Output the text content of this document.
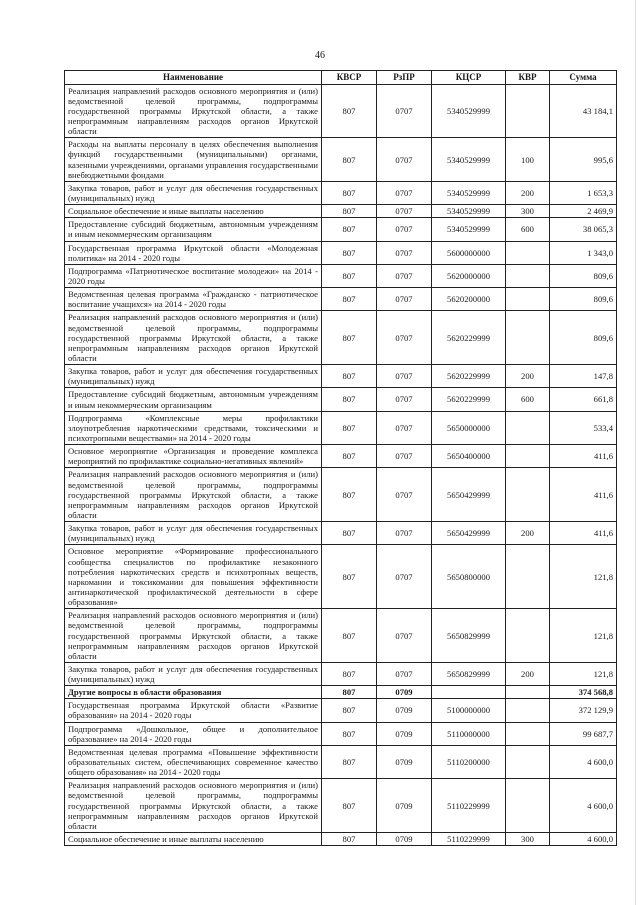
46
Наименование	КВСР	РзПР	КЦСР	КВР	Сумма
Реализация направлений расходов основного мероприятия и (или) ведомственной целевой программы, подпрограммы государственной программы Иркутской области, а также непрограммным направлениям расходов органов Иркутской области	807	0707	5340529999		43 184,1
Расходы на выплаты персоналу в целях обеспечения выполнения функций государственными (муниципальными) органами, казенными учреждениями, органами управления государственными внебюджетными фондами	807	0707	5340529999	100	995,6
Закупка товаров, работ и услуг для обеспечения государственных (муниципальных) нужд	807	0707	5340529999	200	1 653,3
Социальное обеспечение и иные выплаты населению	807	0707	5340529999	300	2 469,9
Предоставление субсидий бюджетным, автономным учреждениям и иным некоммерческим организациям	807	0707	5340529999	600	38 065,3
Государственная программа Иркутской области «Молодежная политика» на 2014 - 2020 годы	807	0707	5600000000		1 343,0
Подпрограмма «Патриотическое воспитание молодежи» на 2014 - 2020 годы	807	0707	5620000000		809,6
Ведомственная целевая программа «Гражданско - патриотическое воспитание учащихся» на 2014 - 2020 годы	807	0707	5620200000		809,6
Реализация направлений расходов основного мероприятия и (или) ведомственной целевой программы, подпрограммы государственной программы Иркутской области, а также непрограммным направлениям расходов органов Иркутской области	807	0707	5620229999		809,6
Закупка товаров, работ и услуг для обеспечения государственных (муниципальных) нужд	807	0707	5620229999	200	147,8
Предоставление субсидий бюджетным, автономным учреждениям и иным некоммерческим организациям	807	0707	5620229999	600	661,8
Подпрограмма «Комплексные меры профилактики злоупотребления наркотическими средствами, токсическими и психотропными веществами» на 2014 - 2020 годы	807	0707	5650000000		533,4
Основное мероприятие «Организация и проведение комплекса мероприятий по профилактике социально-негативных явлений»	807	0707	5650400000		411,6
Реализация направлений расходов основного мероприятия и (или) ведомственной целевой программы, подпрограммы государственной программы Иркутской области, а также непрограммным направлениям расходов органов Иркутской области	807	0707	5650429999		411,6
Закупка товаров, работ и услуг для обеспечения государственных (муниципальных) нужд	807	0707	5650429999	200	411,6
Основное мероприятие «Формирование профессионального сообщества специалистов по профилактике незаконного потребления наркотических средств и психотропных веществ, наркомании и токсикомании для повышения эффективности антинаркотической профилактической деятельности в сфере образования»	807	0707	5650800000		121,8
Реализация направлений расходов основного мероприятия и (или) ведомственной целевой программы, подпрограммы государственной программы Иркутской области, а также непрограммным направлениям расходов органов Иркутской области	807	0707	5650829999		121,8
Закупка товаров, работ и услуг для обеспечения государственных (муниципальных) нужд	807	0707	5650829999	200	121,8
Другие вопросы в области образования	807	0709			374 568,8
Государственная программа Иркутской области «Развитие образования» на 2014 - 2020 годы	807	0709	5100000000		372 129,9
Подпрограмма «Дошкольное, общее и дополнительное образование» на 2014 - 2020 годы	807	0709	5110000000		99 687,7
Ведомственная целевая программа «Повышение эффективности образовательных систем, обеспечивающих современное качество общего образования» на 2014 - 2020 годы	807	0709	5110200000		4 600,0
Реализация направлений расходов основного мероприятия и (или) ведомственной целевой программы, подпрограммы государственной программы Иркутской области, а также непрограммным направлениям расходов органов Иркутской области	807	0709	5110229999		4 600,0
Социальное обеспечение и иные выплаты населению	807	0709	5110229999	300	4 600,0
